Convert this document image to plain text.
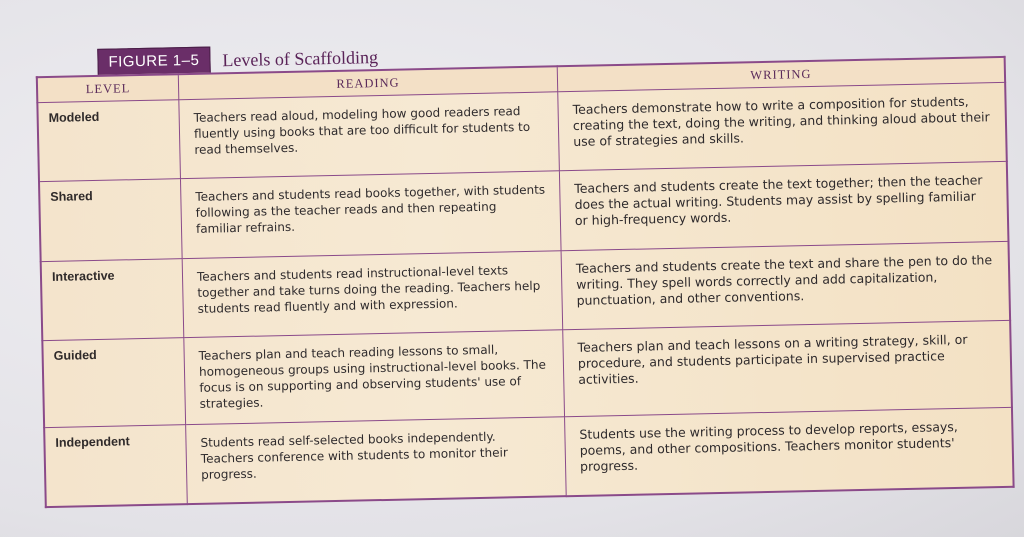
FIGURE 1–5	Levels of Scaffolding
LEVEL	READING	WRITING
Modeled	Teachers read aloud, modeling how good readers read fluently using books that are too difficult for students to read themselves.	Teachers demonstrate how to write a composition for students, creating the text, doing the writing, and thinking aloud about their use of strategies and skills.
Shared	Teachers and students read books together, with students following as the teacher reads and then repeating familiar refrains.	Teachers and students create the text together; then the teacher does the actual writing. Students may assist by spelling familiar or high-frequency words.
Interactive	Teachers and students read instructional-level texts together and take turns doing the reading. Teachers help students read fluently and with expression.	Teachers and students create the text and share the pen to do the writing. They spell words correctly and add capitalization, punctuation, and other conventions.
Guided	Teachers plan and teach reading lessons to small, homogeneous groups using instructional-level books. The focus is on supporting and observing students' use of strategies.	Teachers plan and teach lessons on a writing strategy, skill, or procedure, and students participate in supervised practice activities.
Independent	Students read self-selected books independently. Teachers conference with students to monitor their progress.	Students use the writing process to develop reports, essays, poems, and other compositions. Teachers monitor students' progress.
